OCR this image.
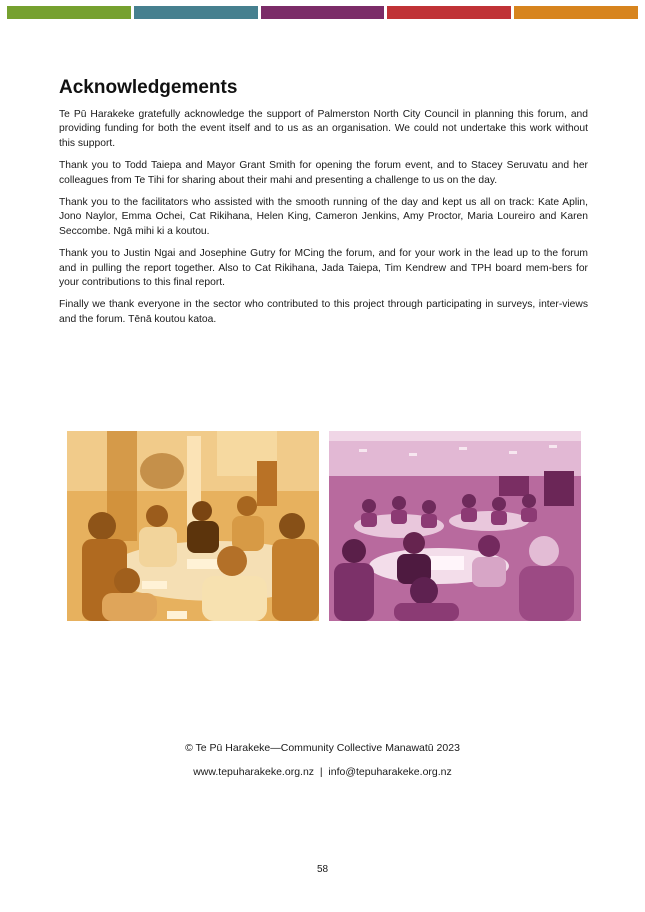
Acknowledgements

Te Pū Harakeke gratefully acknowledge the support of Palmerston North City Council in planning this forum, and providing funding for both the event itself and to us as an organisation. We could not undertake this work without this support.

Thank you to Todd Taiepa and Mayor Grant Smith for opening the forum event, and to Stacey Seruvatu and her colleagues from Te Tihi for sharing about their mahi and presenting a challenge to us on the day.

Thank you to the facilitators who assisted with the smooth running of the day and kept us all on track: Kate Aplin, Jono Naylor, Emma Ochei, Cat Rikihana, Helen King, Cameron Jenkins, Amy Proctor, Maria Loureiro and Karen Seccombe. Ngā mihi ki a koutou.

Thank you to Justin Ngai and Josephine Gutry for MCing the forum, and for your work in the lead up to the forum and in pulling the report together. Also to Cat Rikihana, Jada Taiepa, Tim Kendrew and TPH board mem-bers for your contributions to this final report.

Finally we thank everyone in the sector who contributed to this project through participating in surveys, inter-views and the forum. Tēnā koutou katoa.

© Te Pū Harakeke—Community Collective Manawatū 2023
www.tepuharakeke.org.nz  |  info@tepuharakeke.org.nz
58
